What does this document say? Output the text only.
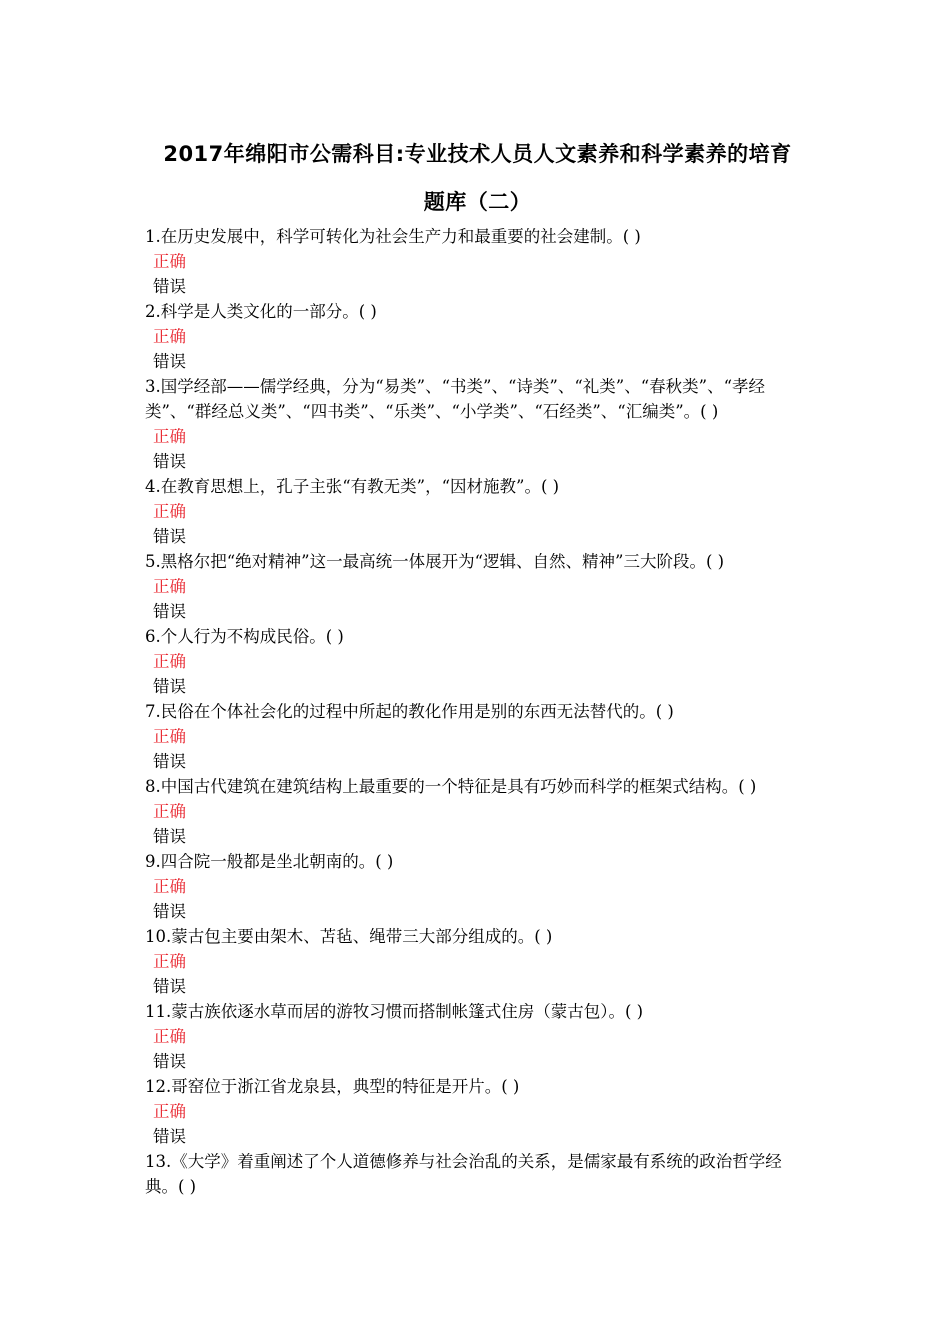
2017年绵阳市公需科目:专业技术人员人文素养和科学素养的培育
题库（二）
1.在历史发展中，科学可转化为社会生产力和最重要的社会建制。( )
正确
错误
2.科学是人类文化的一部分。( )
正确
错误
3.国学经部——儒学经典，分为“易类”、“书类”、“诗类”、“礼类”、“春秋类”、“孝经类”、“群经总义类”、“四书类”、“乐类”、“小学类”、“石经类”、“汇编类”。( )
正确
错误
4.在教育思想上，孔子主张“有教无类”，“因材施教”。( )
正确
错误
5.黑格尔把“绝对精神”这一最高统一体展开为“逻辑、自然、精神”三大阶段。( )
正确
错误
6.个人行为不构成民俗。( )
正确
错误
7.民俗在个体社会化的过程中所起的教化作用是别的东西无法替代的。( )
正确
错误
8.中国古代建筑在建筑结构上最重要的一个特征是具有巧妙而科学的框架式结构。( )
正确
错误
9.四合院一般都是坐北朝南的。( )
正确
错误
10.蒙古包主要由架木、苫毡、绳带三大部分组成的。( )
正确
错误
11.蒙古族依逐水草而居的游牧习惯而搭制帐篷式住房（蒙古包）。( )
正确
错误
12.哥窑位于浙江省龙泉县，典型的特征是开片。( )
正确
错误
13.《大学》着重阐述了个人道德修养与社会治乱的关系，是儒家最有系统的政治哲学经典。( )
